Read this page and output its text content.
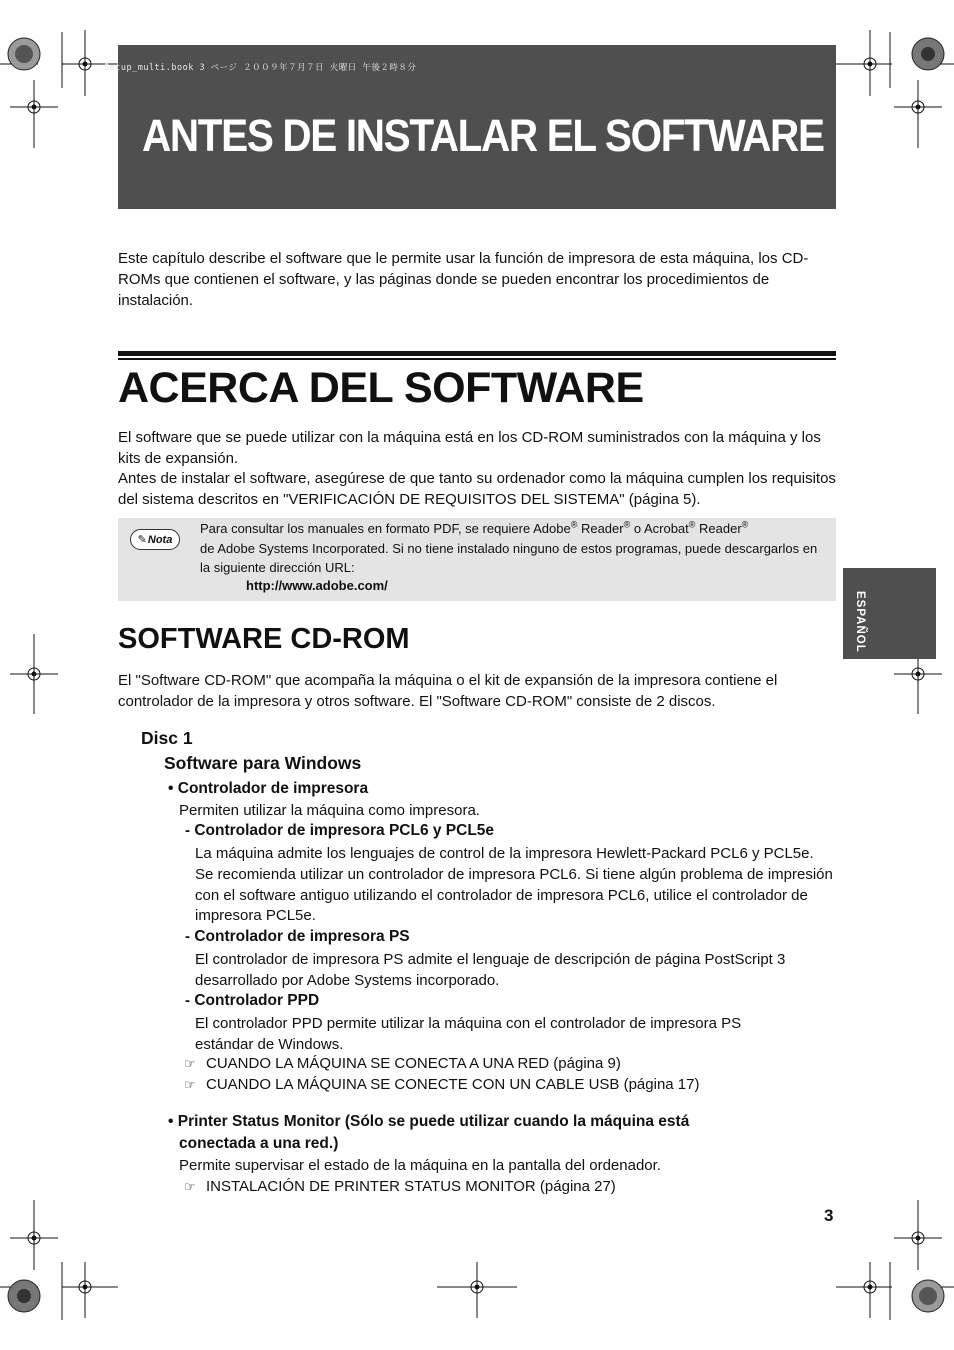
Setup_multi.book 3 ページ ２００９年７月７日 火曜日 午後２時８分
ANTES DE INSTALAR EL SOFTWARE

Este capítulo describe el software que le permite usar la función de impresora de esta máquina, los CD-ROMs que contienen el software, y las páginas donde se pueden encontrar los procedimientos de instalación.

ACERCA DEL SOFTWARE

El software que se puede utilizar con la máquina está en los CD-ROM suministrados con la máquina y los kits de expansión.

Antes de instalar el software, asegúrese de que tanto su ordenador como la máquina cumplen los requisitos del sistema descritos en "VERIFICACIÓN DE REQUISITOS DEL SISTEMA" (página 5).

✎ Nota

Para consultar los manuales en formato PDF, se requiere Adobe® Reader® o Acrobat® Reader®
de Adobe Systems Incorporated. Si no tiene instalado ninguno de estos programas, puede descargarlos en la siguiente dirección URL:

http://www.adobe.com/
SOFTWARE CD-ROM

El "Software CD-ROM" que acompaña la máquina o el kit de expansión de la impresora contiene el controlador de la impresora y otros software. El "Software CD-ROM" consiste de 2 discos.

Disc 1
Software para Windows
• Controlador de impresora

Permiten utilizar la máquina como impresora.

- Controlador de impresora PCL6 y PCL5e

La máquina admite los lenguajes de control de la impresora Hewlett-Packard PCL6 y PCL5e. Se recomienda utilizar un controlador de impresora PCL6. Si tiene algún problema de impresión con el software antiguo utilizando el controlador de impresora PCL6, utilice el controlador de impresora PCL5e.

- Controlador de impresora PS

El controlador de impresora PS admite el lenguaje de descripción de página PostScript 3 desarrollado por Adobe Systems incorporado.

- Controlador PPD

El controlador PPD permite utilizar la máquina con el controlador de impresora PS estándar de Windows.

☞ CUANDO LA MÁQUINA SE CONECTA A UNA RED (página 9)
☞ CUANDO LA MÁQUINA SE CONECTE CON UN CABLE USB (página 17)
• Printer Status Monitor (Sólo se puede utilizar cuando la máquina está
conectada a una red.)

Permite supervisar el estado de la máquina en la pantalla del ordenador.

☞ INSTALACIÓN DE PRINTER STATUS MONITOR (página 27)
ESPAÑOL
3
